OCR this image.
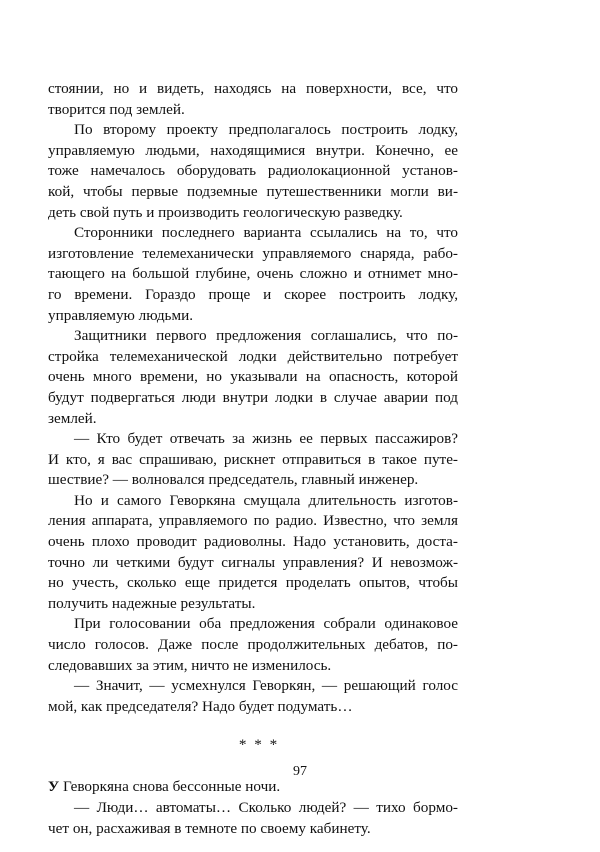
стоянии, но и видеть, находясь на поверхности, все, что
творится под землей.
По второму проекту предполагалось построить лодку,
управляемую людьми, находящимися внутри. Конечно, ее
тоже намечалось оборудовать радиолокационной установ-
кой, чтобы первые подземные путешественники могли ви-
деть свой путь и производить геологическую разведку.
Сторонники последнего варианта ссылались на то, что
изготовление телемеханически управляемого снаряда, рабо-
тающего на большой глубине, очень сложно и отнимет мно-
го времени. Гораздо проще и скорее построить лодку,
управляемую людьми.
Защитники первого предложения соглашались, что по-
стройка телемеханической лодки действительно потребует
очень много времени, но указывали на опасность, которой
будут подвергаться люди внутри лодки в случае аварии под
землей.
— Кто будет отвечать за жизнь ее первых пассажиров?
И кто, я вас спрашиваю, рискнет отправиться в такое путе-
шествие? — волновался председатель, главный инженер.
Но и самого Геворкяна смущала длительность изготов-
ления аппарата, управляемого по радио. Известно, что земля
очень плохо проводит радиоволны. Надо установить, доста-
точно ли четкими будут сигналы управления? И невозмож-
но учесть, сколько еще придется проделать опытов, чтобы
получить надежные результаты.
При голосовании оба предложения собрали одинаковое
число голосов. Даже после продолжительных дебатов, по-
следовавших за этим, ничто не изменилось.
— Значит, — усмехнулся Геворкян, — решающий голос
мой, как председателя? Надо будет подумать…
* * *
У Геворкяна снова бессонные ночи.
— Люди… автоматы… Сколько людей? — тихо бормо-
чет он, расхаживая в темноте по своему кабинету.
97
